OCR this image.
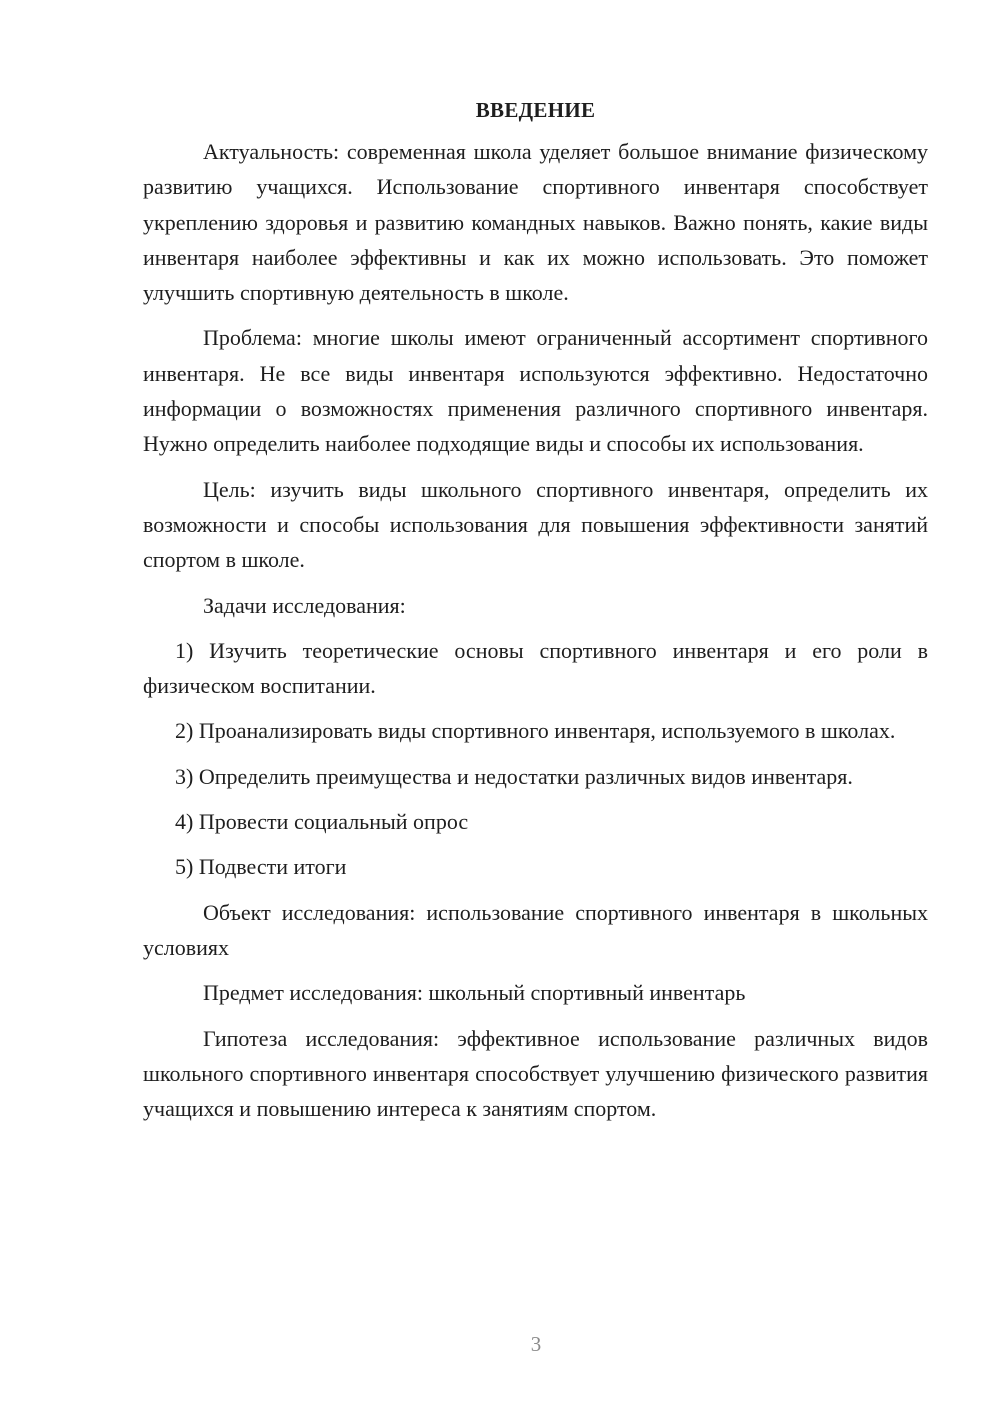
ВВЕДЕНИЕ

Актуальность: современная школа уделяет большое внимание физическому развитию учащихся. Использование спортивного инвентаря способствует укреплению здоровья и развитию командных навыков. Важно понять, какие виды инвентаря наиболее эффективны и как их можно использовать. Это поможет улучшить спортивную деятельность в школе.

Проблема: многие школы имеют ограниченный ассортимент спортивного инвентаря. Не все виды инвентаря используются эффективно. Недостаточно информации о возможностях применения различного спортивного инвентаря. Нужно определить наиболее подходящие виды и способы их использования.

Цель: изучить виды школьного спортивного инвентаря, определить их возможности и способы использования для повышения эффективности занятий спортом в школе.

Задачи исследования:

1) Изучить теоретические основы спортивного инвентаря и его роли в физическом воспитании.

2) Проанализировать виды спортивного инвентаря, используемого в школах.

3) Определить преимущества и недостатки различных видов инвентаря.

4) Провести социальный опрос

5) Подвести итоги

Объект исследования: использование спортивного инвентаря в школьных условиях

Предмет исследования: школьный спортивный инвентарь

Гипотеза исследования: эффективное использование различных видов школьного спортивного инвентаря способствует улучшению физического развития учащихся и повышению интереса к занятиям спортом.

3
